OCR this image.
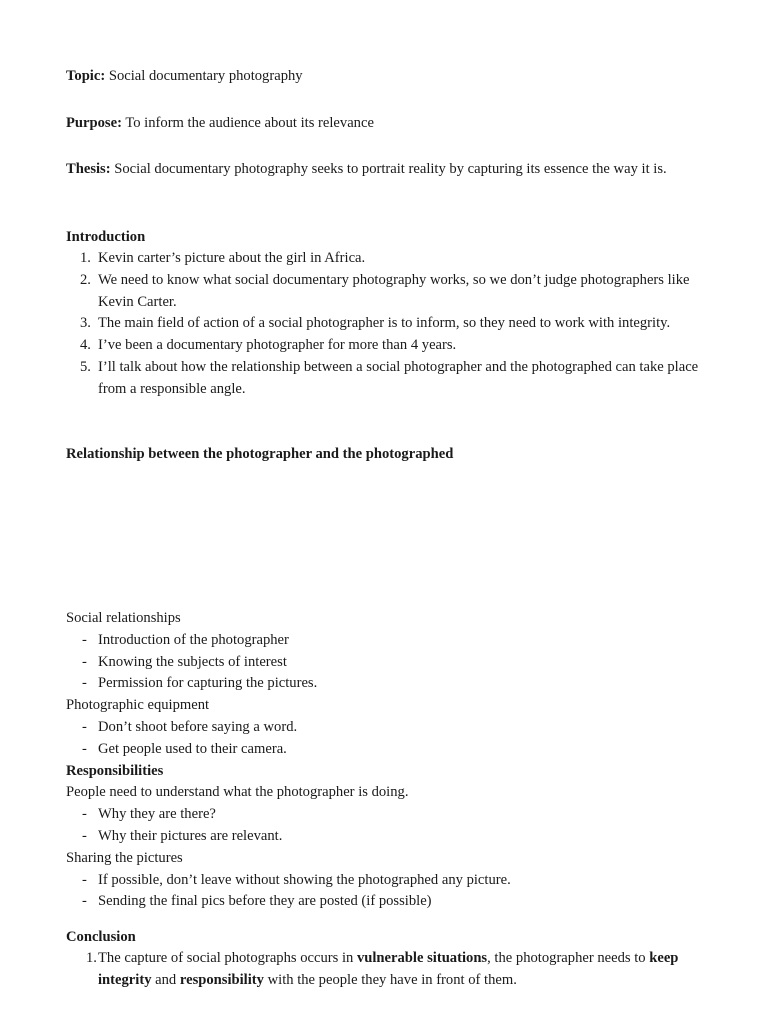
Topic: Social documentary photography
Purpose: To inform the audience about its relevance
Thesis: Social documentary photography seeks to portrait reality by capturing its essence the way it is.
Introduction
1. Kevin carter’s picture about the girl in Africa.
2. We need to know what social documentary photography works, so we don’t judge photographers like Kevin Carter.
3. The main field of action of a social photographer is to inform, so they need to work with integrity.
4. I’ve been a documentary photographer for more than 4 years.
5. I’ll talk about how the relationship between a social photographer and the photographed can take place from a responsible angle.
Relationship between the photographer and the photographed
Social relationships
- Introduction of the photographer
- Knowing the subjects of interest
- Permission for capturing the pictures.
Photographic equipment
- Don’t shoot before saying a word.
- Get people used to their camera.
Responsibilities
People need to understand what the photographer is doing.
- Why they are there?
- Why their pictures are relevant.
Sharing the pictures
- If possible, don’t leave without showing the photographed any picture.
- Sending the final pics before they are posted (if possible)
Conclusion
1. The capture of social photographs occurs in vulnerable situations, the photographer needs to keep integrity and responsibility with the people they have in front of them.
